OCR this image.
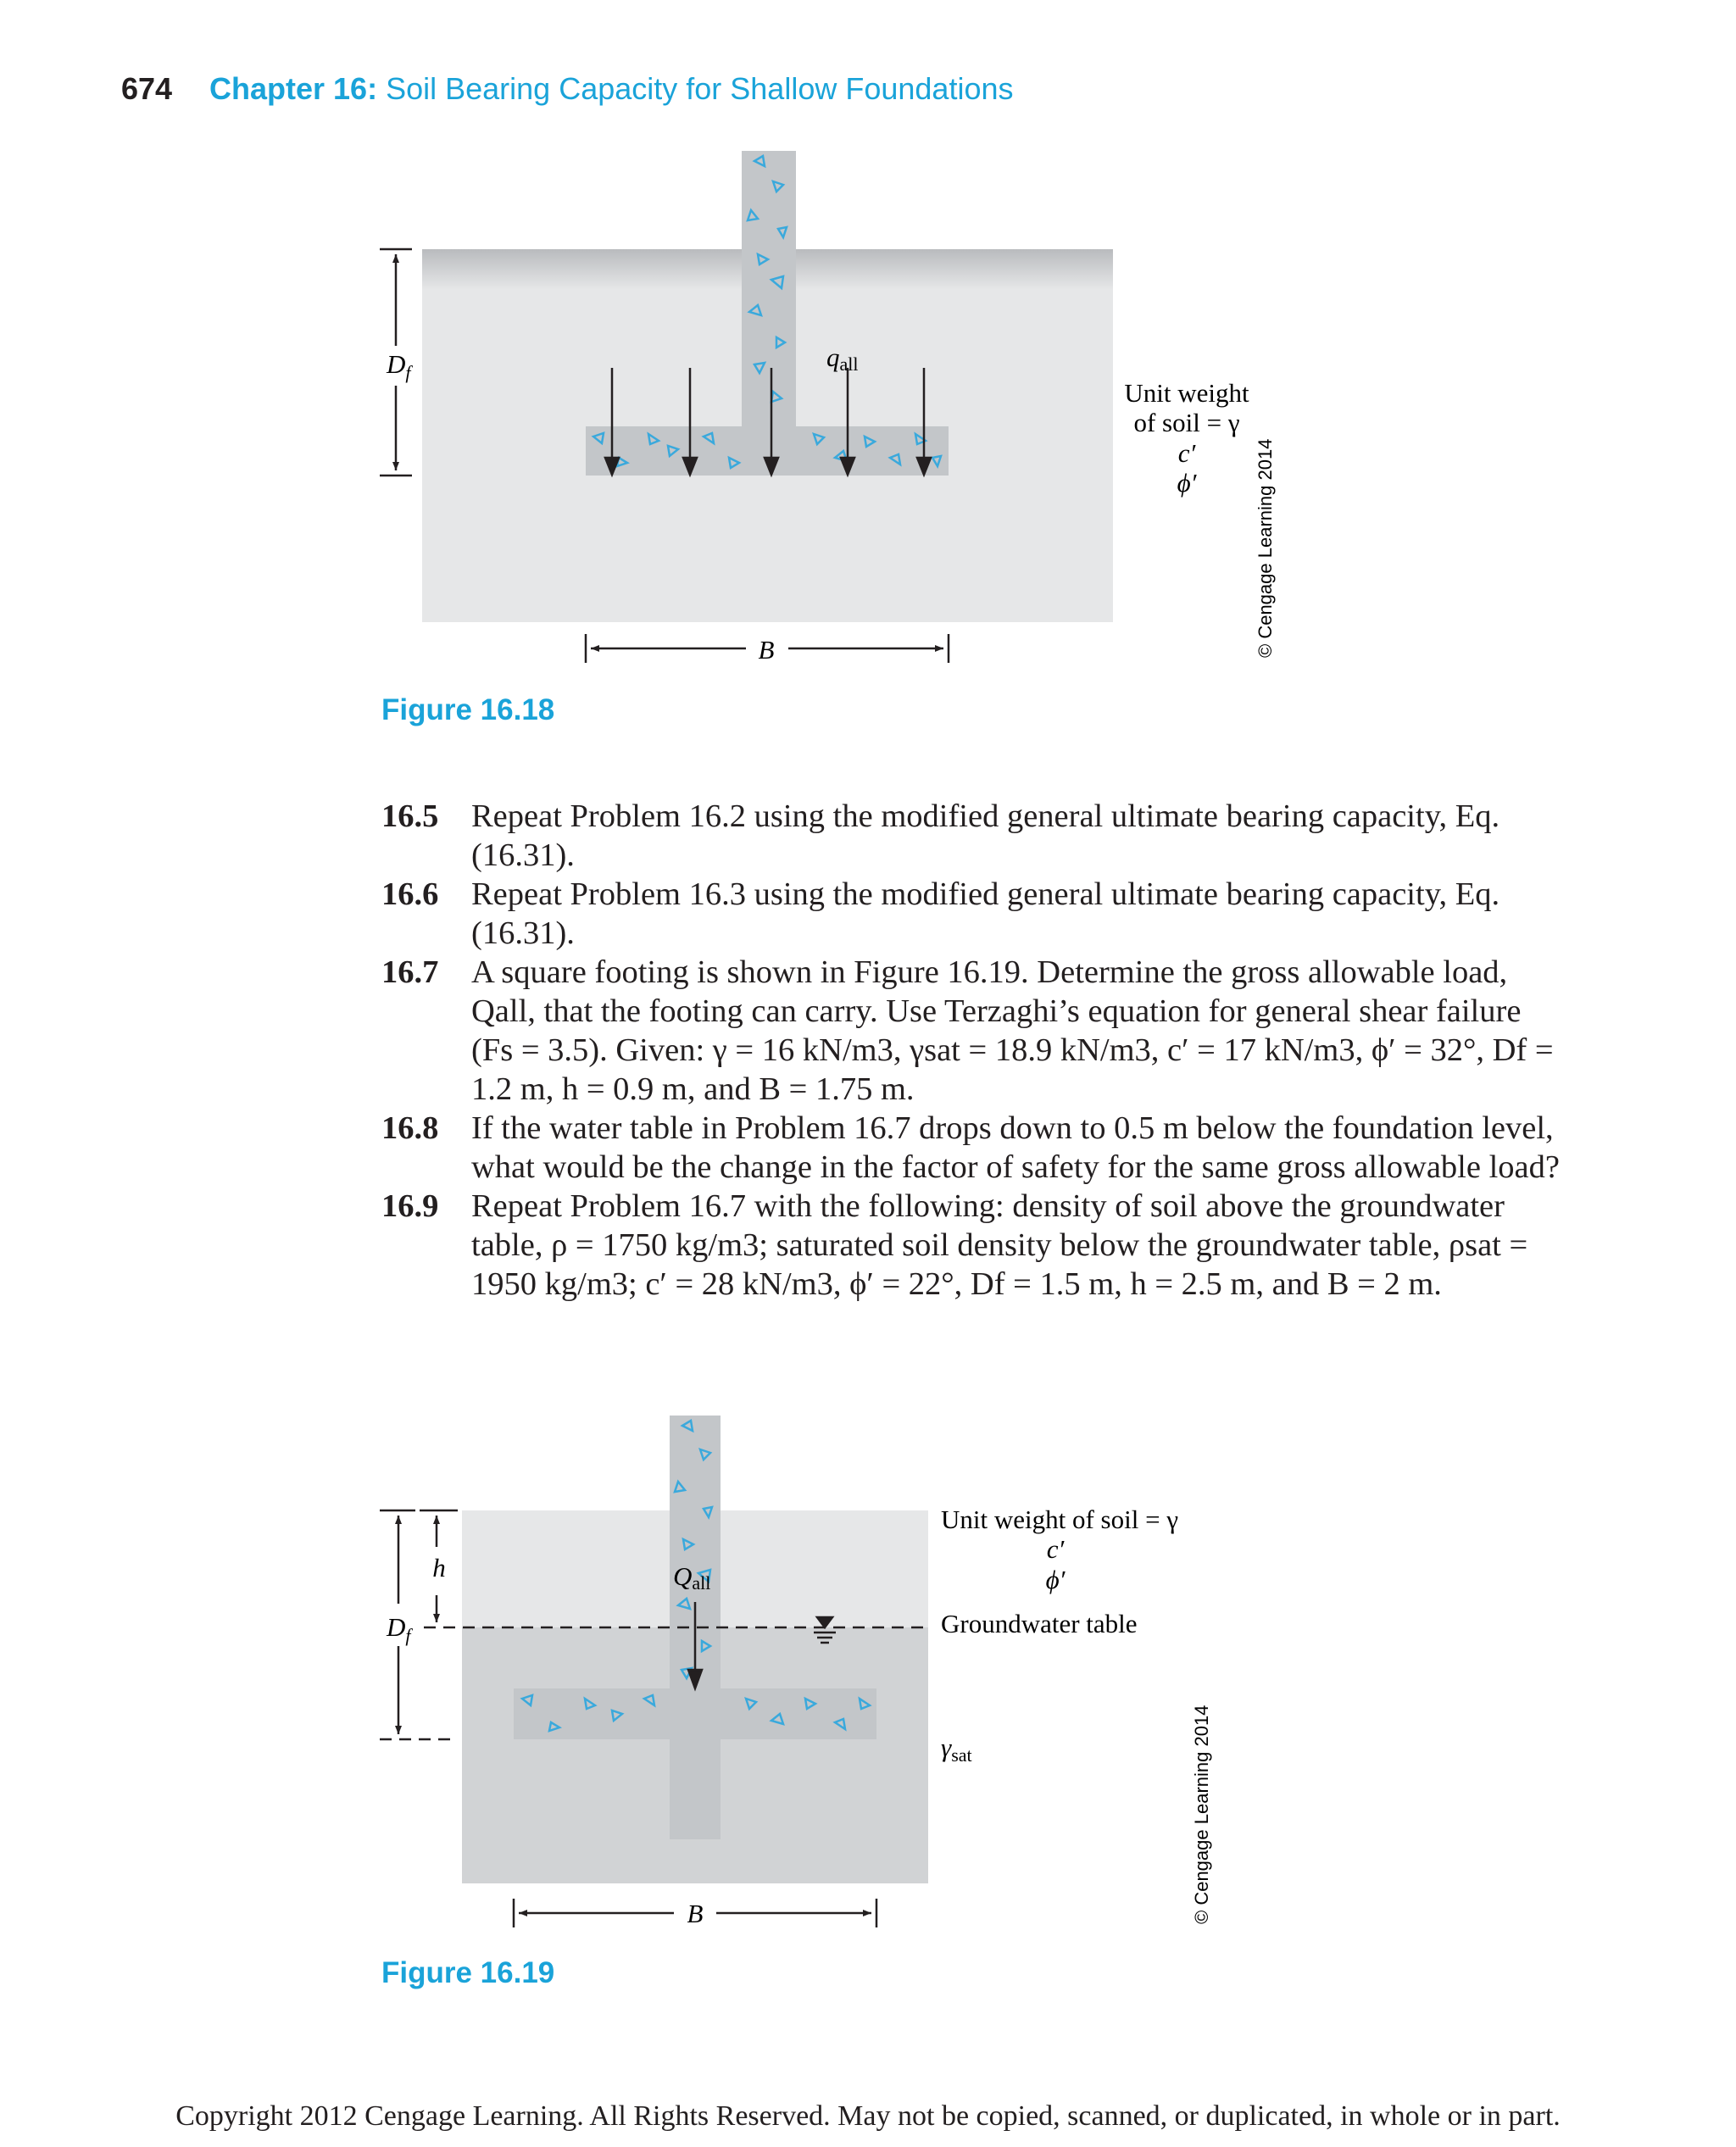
674 Chapter 16: Soil Bearing Capacity for Shallow Foundations
$D_f$
qall
B
Unit weight
of soil = γ
c′
ϕ′	© Cengage Learning 2014
Figure 16.18
16.5 Repeat Problem 16.2 using the modified general ultimate bearing capacity, Eq. (16.31).
16.6 Repeat Problem 16.3 using the modified general ultimate bearing capacity, Eq. (16.31).
16.7 A square footing is shown in Figure 16.19. Determine the gross allowable load, Qall, that the footing can carry. Use Terzaghi’s equation for general shear failure (Fs = 3.5). Given: γ = 16 kN/m3, γsat = 18.9 kN/m3, c′ = 17 kN/m3, ϕ′ = 32°, Df = 1.2 m, h = 0.9 m, and B = 1.75 m.
16.8 If the water table in Problem 16.7 drops down to 0.5 m below the foundation level, what would be the change in the factor of safety for the same gross allowable load?
16.9 Repeat Problem 16.7 with the following: density of soil above the groundwater table, ρ = 1750 kg/m3; saturated soil density below the groundwater table, ρsat = 1950 kg/m3; c′ = 28 kN/m3, ϕ′ = 22°, Df = 1.5 m, h = 2.5 m, and B = 2 m.
h
$D_f$
Qall
B
Unit weight of soil = γ
c′
ϕ′
Groundwater table
γsat	© Cengage Learning 2014
Figure 16.19
Copyright 2012 Cengage Learning. All Rights Reserved. May not be copied, scanned, or duplicated, in whole or in part.
